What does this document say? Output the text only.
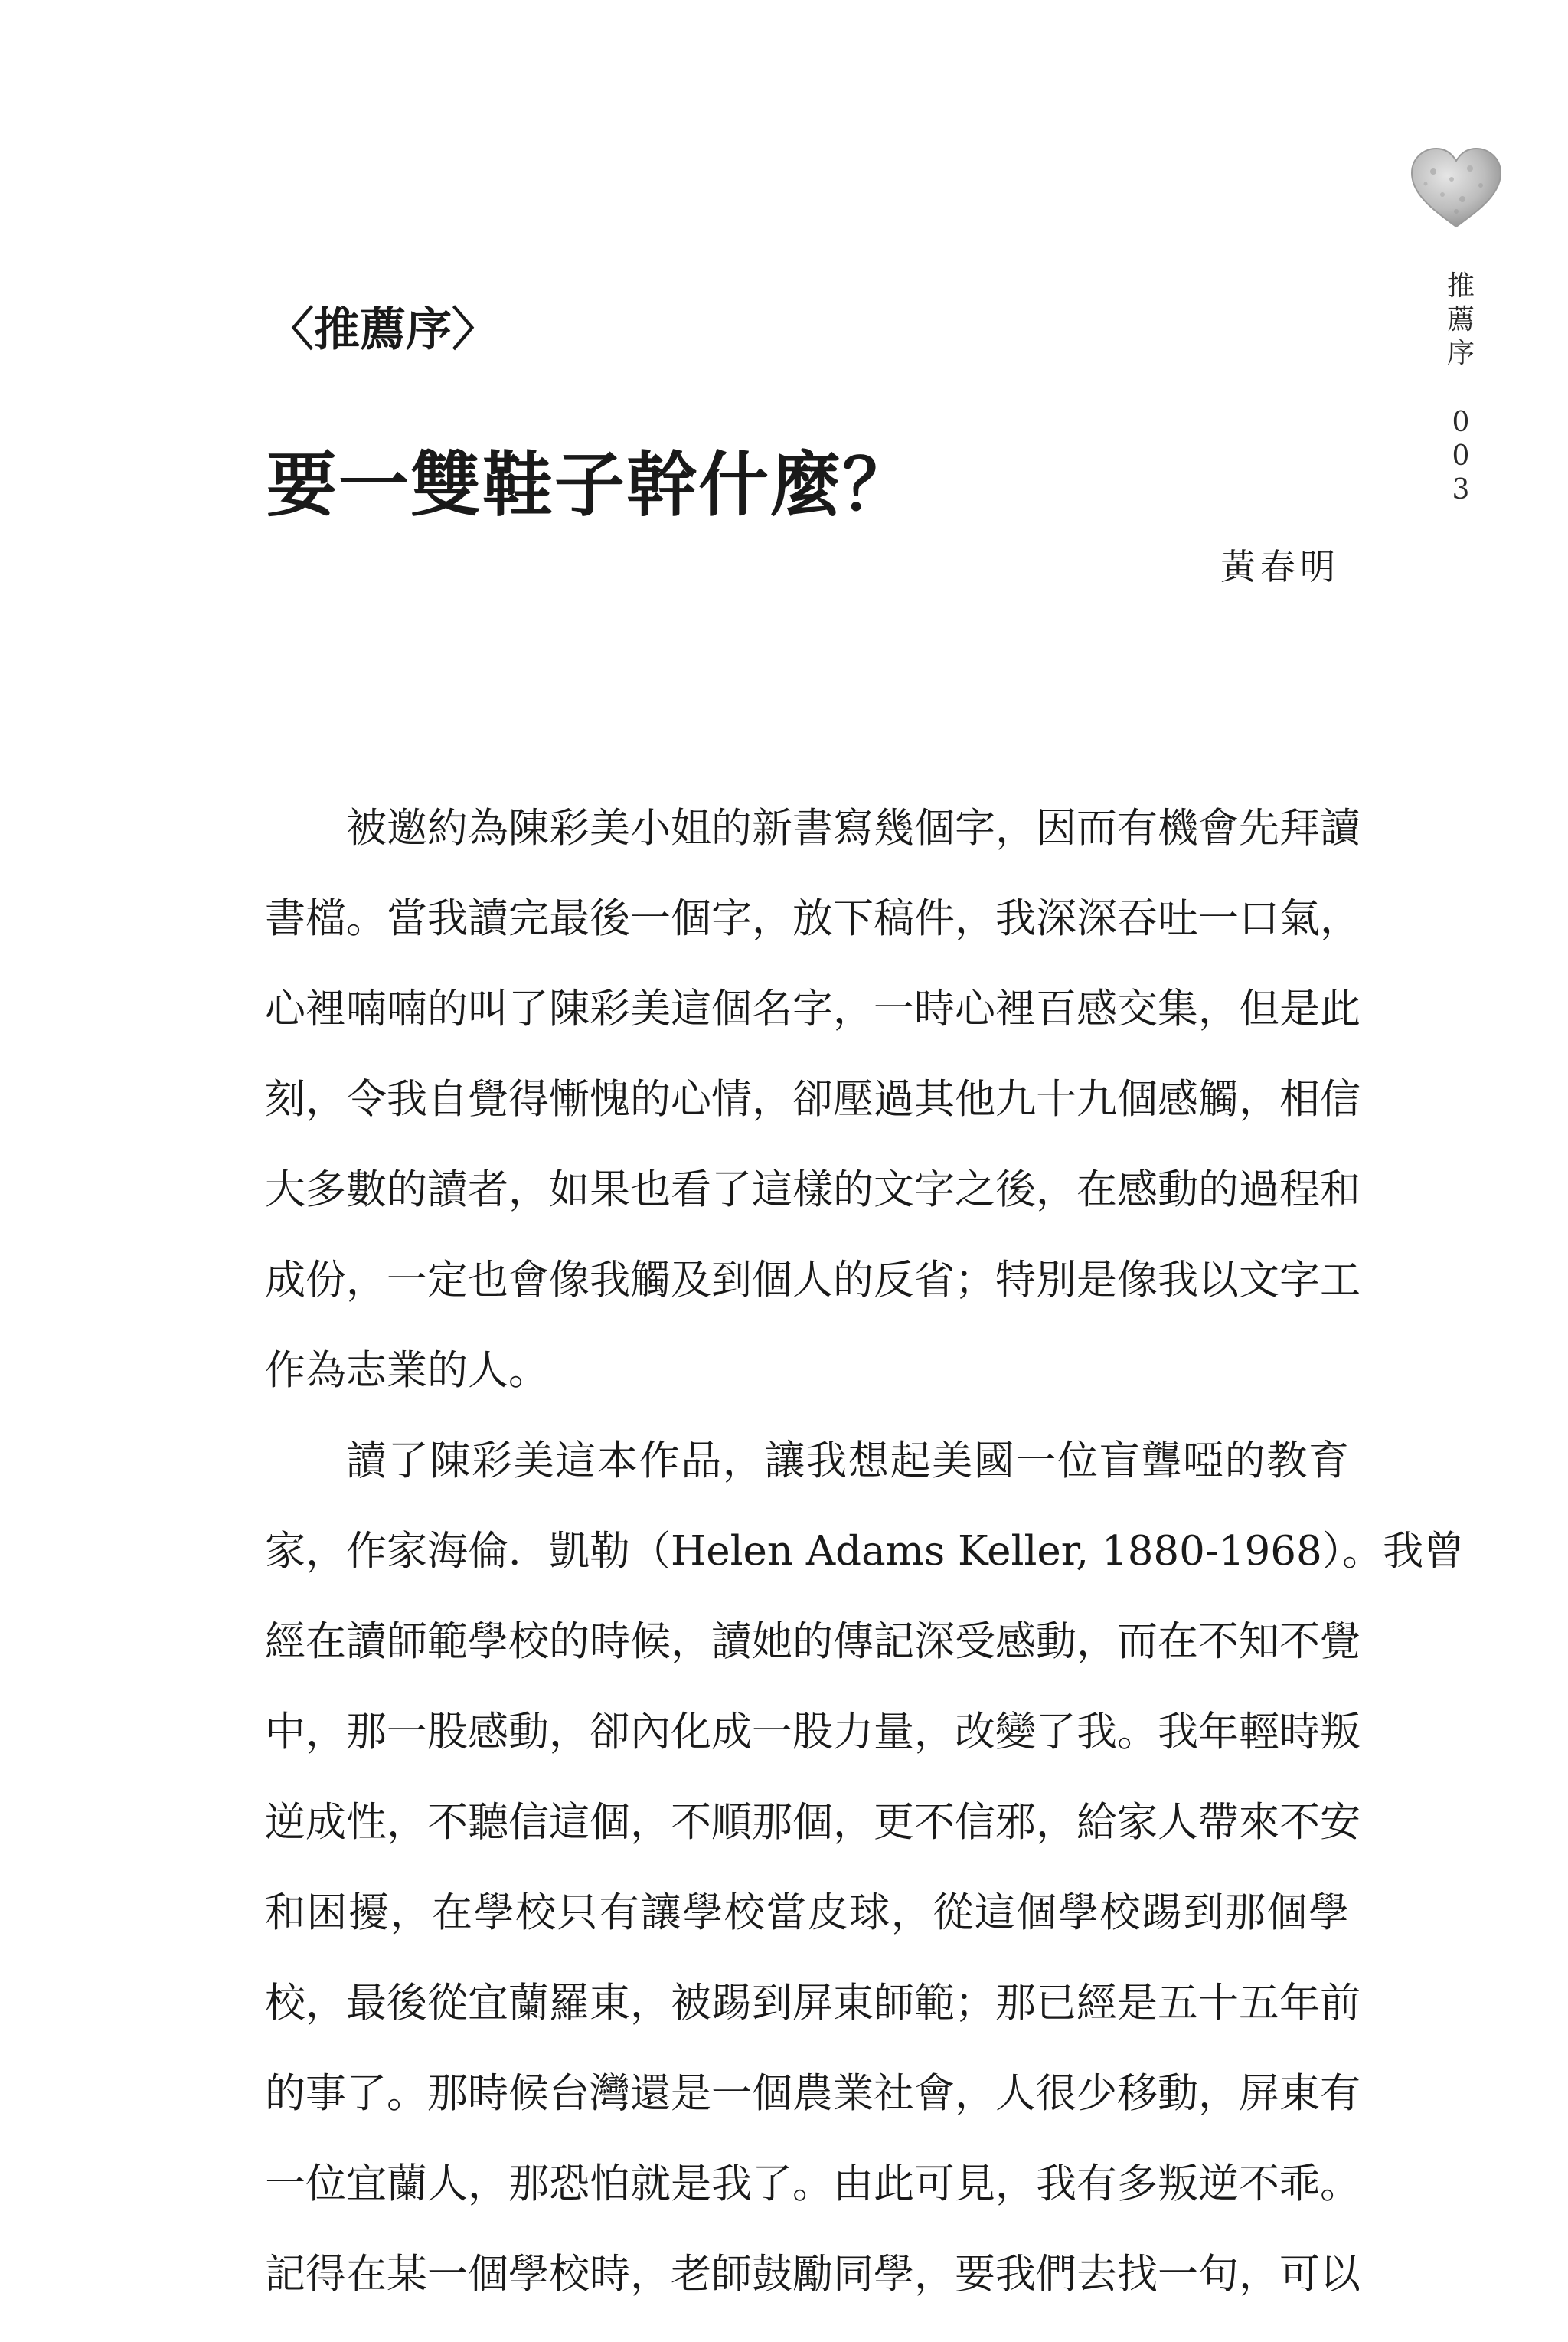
推
薦
序
0
0
3
〈推薦序〉
要一雙鞋子幹什麼？
黃春明
被邀約為陳彩美小姐的新書寫幾個字，因而有機會先拜讀
書檔。當我讀完最後一個字，放下稿件，我深深吞吐一口氣，
心裡喃喃的叫了陳彩美這個名字，一時心裡百感交集，但是此
刻，令我自覺得慚愧的心情，卻壓過其他九十九個感觸，相信
大多數的讀者，如果也看了這樣的文字之後，在感動的過程和
成份，一定也會像我觸及到個人的反省；特別是像我以文字工
作為志業的人。
讀了陳彩美這本作品，讓我想起美國一位盲聾啞的教育
家，作家海倫．凱勒（Helen Adams Keller, 1880-1968）。我曾
經在讀師範學校的時候，讀她的傳記深受感動，而在不知不覺
中，那一股感動，卻內化成一股力量，改變了我。我年輕時叛
逆成性，不聽信這個，不順那個，更不信邪，給家人帶來不安
和困擾，在學校只有讓學校當皮球，從這個學校踢到那個學
校，最後從宜蘭羅東，被踢到屏東師範；那已經是五十五年前
的事了。那時候台灣還是一個農業社會，人很少移動，屏東有
一位宜蘭人，那恐怕就是我了。由此可見，我有多叛逆不乖。
記得在某一個學校時，老師鼓勵同學，要我們去找一句，可以
